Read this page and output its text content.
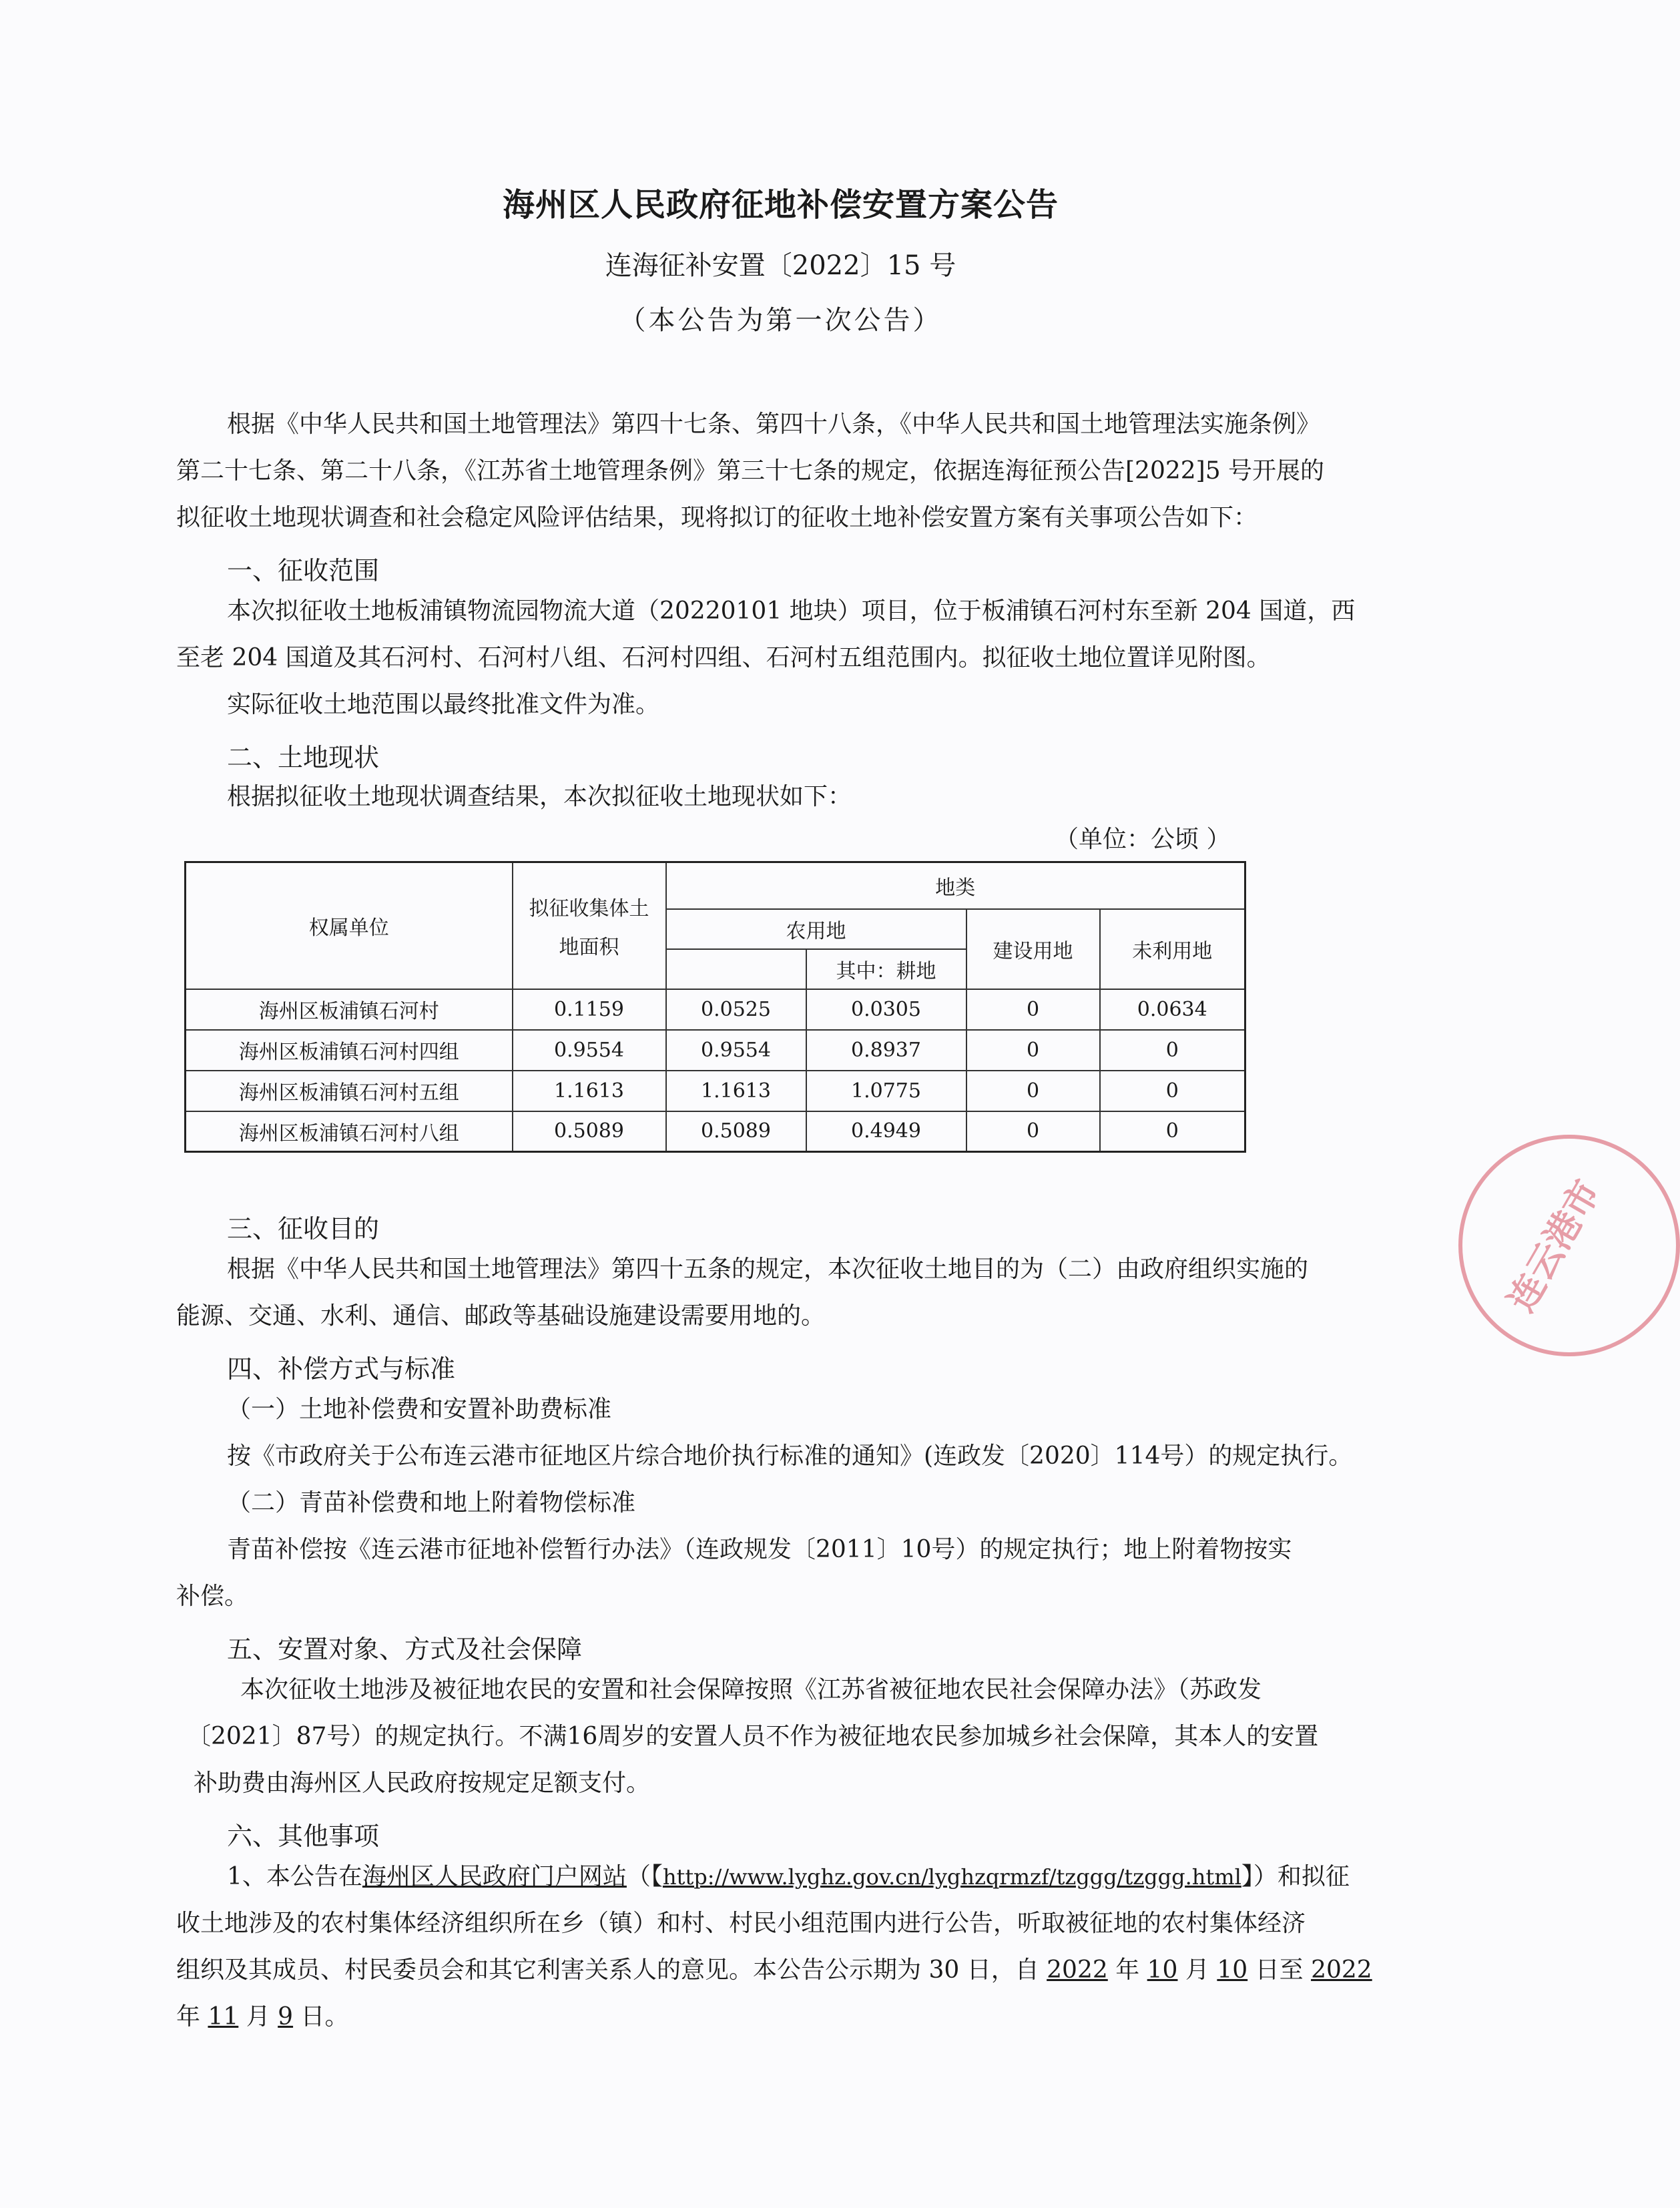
海州区人民政府征地补偿安置方案公告
连海征补安置〔2022〕15 号
（本公告为第一次公告）
根据《中华人民共和国土地管理法》第四十七条、第四十八条，《中华人民共和国土地管理法实施条例》
第二十七条、第二十八条，《江苏省土地管理条例》第三十七条的规定，依据连海征预公告[2022]5 号开展的
拟征收土地现状调查和社会稳定风险评估结果，现将拟订的征收土地补偿安置方案有关事项公告如下：
一、征收范围
本次拟征收土地板浦镇物流园物流大道（20220101 地块）项目，位于板浦镇石河村东至新 204 国道，西
至老 204 国道及其石河村、石河村八组、石河村四组、石河村五组范围内。拟征收土地位置详见附图。
实际征收土地范围以最终批准文件为准。
二、土地现状
根据拟征收土地现状调查结果，本次拟征收土地现状如下：
（单位：公顷 ）
权属单位	拟征收集体土
地面积	地类			
		农用地		建设用地	未利用地
			其中：耕地		
海州区板浦镇石河村	0.1159	0.0525	0.0305	0	0.0634
海州区板浦镇石河村四组	0.9554	0.9554	0.8937	0	0
海州区板浦镇石河村五组	1.1613	1.1613	1.0775	0	0
海州区板浦镇石河村八组	0.5089	0.5089	0.4949	0	0
三、征收目的
根据《中华人民共和国土地管理法》第四十五条的规定，本次征收土地目的为（二）由政府组织实施的
能源、交通、水利、通信、邮政等基础设施建设需要用地的。
四、补偿方式与标准
（一）土地补偿费和安置补助费标准
按《市政府关于公布连云港市征地区片综合地价执行标准的通知》(连政发〔2020〕114号）的规定执行。
（二）青苗补偿费和地上附着物偿标准
青苗补偿按《连云港市征地补偿暂行办法》（连政规发〔2011〕10号）的规定执行；地上附着物按实
补偿。
五、安置对象、方式及社会保障
本次征收土地涉及被征地农民的安置和社会保障按照《江苏省被征地农民社会保障办法》（苏政发
〔2021〕87号）的规定执行。不满16周岁的安置人员不作为被征地农民参加城乡社会保障，其本人的安置
补助费由海州区人民政府按规定足额支付。
六、其他事项
1、本公告在海州区人民政府门户网站（【http://www.lyghz.gov.cn/lyghzqrmzf/tzggg/tzggg.html】）和拟征
收土地涉及的农村集体经济组织所在乡（镇）和村、村民小组范围内进行公告，听取被征地的农村集体经济
组织及其成员、村民委员会和其它利害关系人的意见。本公告公示期为 30 日，自 2022 年 10 月 10 日至 2022
年 11 月 9 日。
连云港市
